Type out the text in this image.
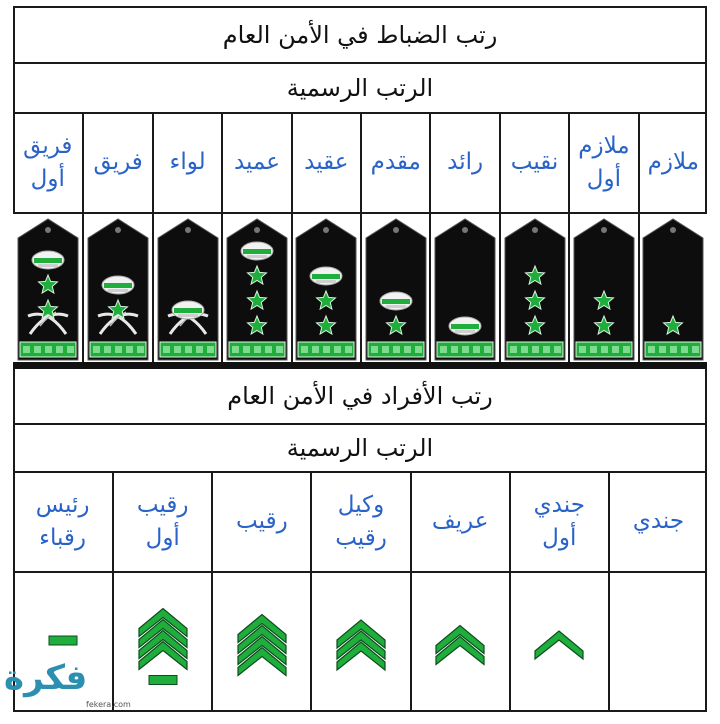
رتب الضباط في الأمن العام
الرتب الرسمية
ملازم
ملازم
أول
نقيب
رائد
مقدم
عقيد
عميد
لواء
فريق
فريق
أول
رتب الأفراد في الأمن العام
الرتب الرسمية
جندي
جندي
أول
عريف
وكيل
رقيب
رقيب
رقيب
أول
رئيس
رقباء
فكرة
fekera.com
